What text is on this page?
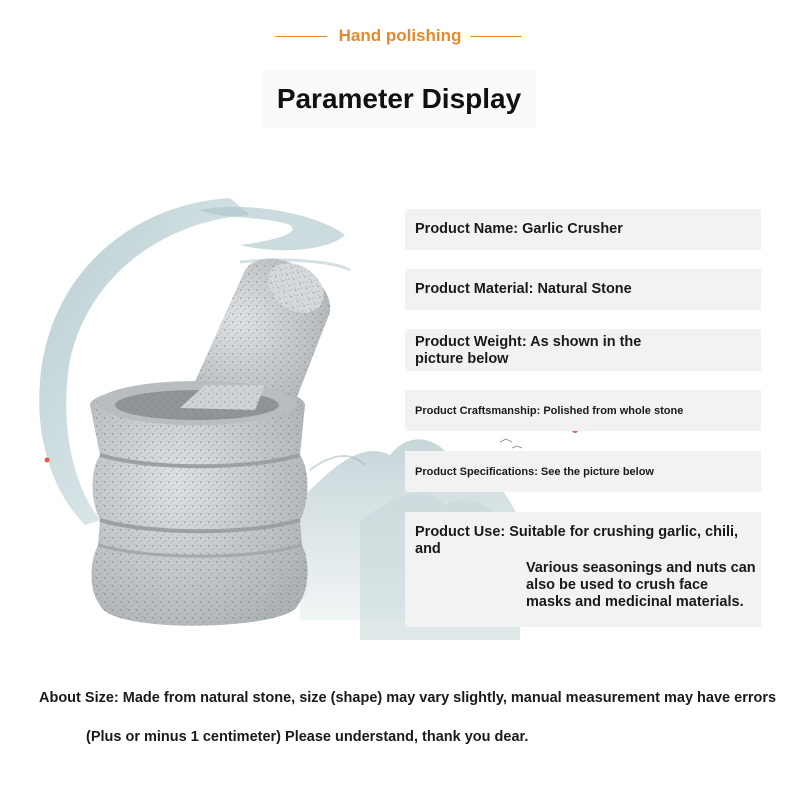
Hand polishing
Parameter Display
Product Name: Garlic Crusher
Product Material: Natural Stone
Product Weight: As shown in the picture below
Product Craftsmanship: Polished from whole stone
Product Specifications: See the picture below
Product Use: Suitable for crushing garlic, chili, and
Various seasonings and nuts can also be used to crush face masks and medicinal materials.
About Size: Made from natural stone, size (shape) may vary slightly, manual measurement may have errors
(Plus or minus 1 centimeter) Please understand, thank you dear.
